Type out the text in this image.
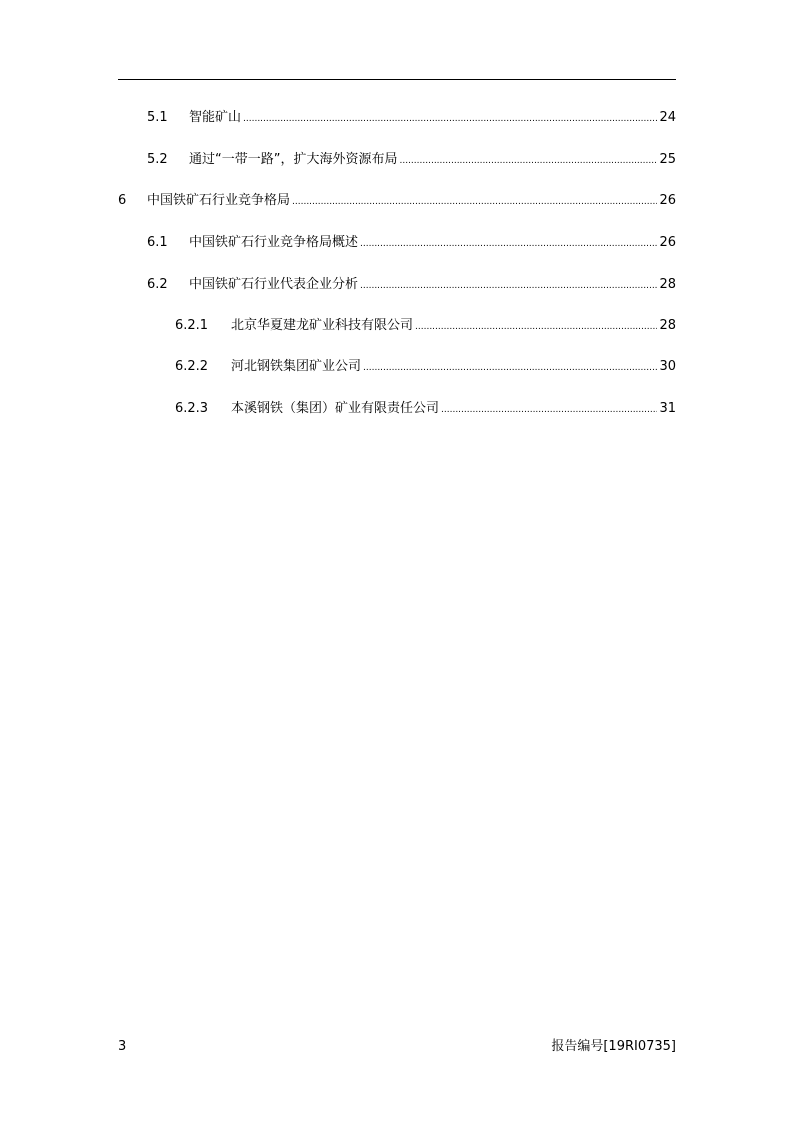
5.1 智能矿山 .....	24
5.2 通过“一带一路”，扩大海外资源布局 .....	25
6 中国铁矿石行业竞争格局 .....	26
6.1 中国铁矿石行业竞争格局概述 .....	26
6.2 中国铁矿石行业代表企业分析 .....	28
6.2.1 北京华夏建龙矿业科技有限公司 .....	28
6.2.2 河北钢铁集团矿业公司 .....	30
6.2.3 本溪钢铁（集团）矿业有限责任公司 .....	31
3	报告编号[19RI0735]
